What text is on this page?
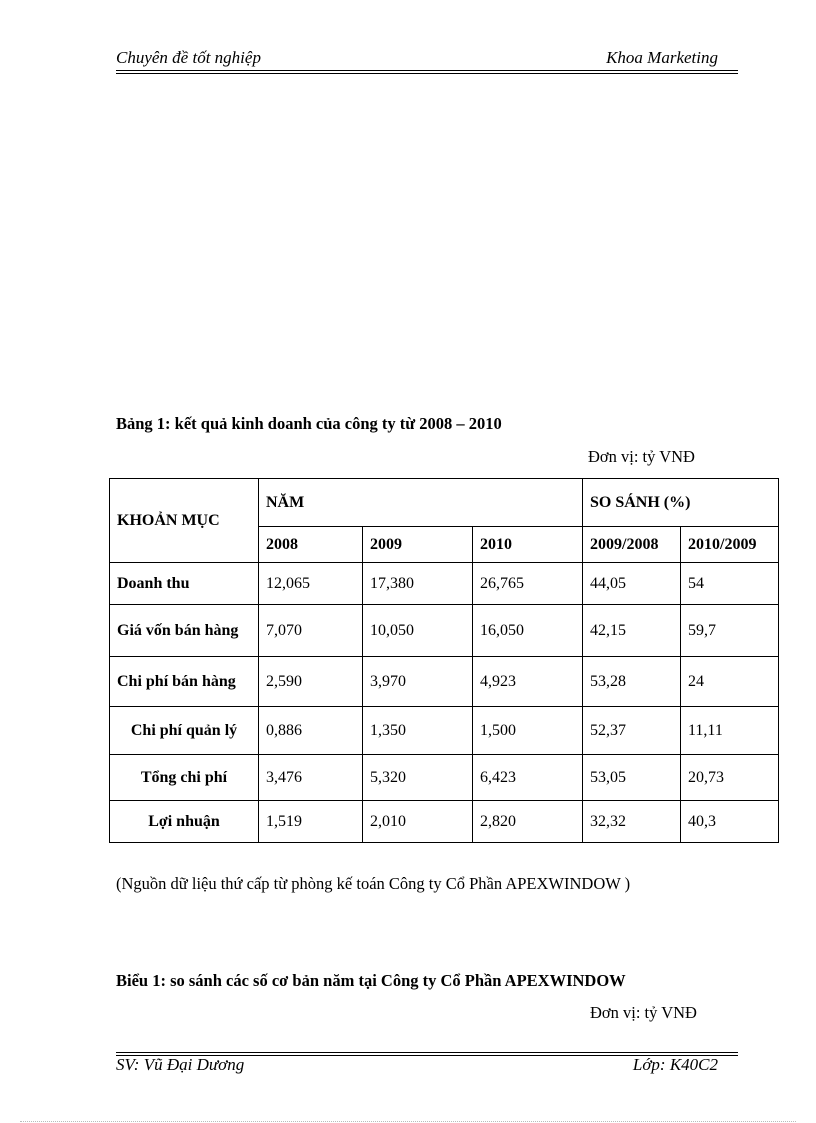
Chuyên đề tốt nghiệp	Khoa Marketing
Bảng 1: kết quả kinh doanh của công ty từ 2008 – 2010
Đơn vị: tỷ VNĐ
KHOẢN MỤC	NĂM			SO SÁNH (%)	
	2008	2009	2010	2009/2008	2010/2009
Doanh thu	12,065	17,380	26,765	44,05	54
Giá vốn bán hàng	7,070	10,050	16,050	42,15	59,7
Chi phí bán hàng	2,590	3,970	4,923	53,28	24
Chi phí quản lý	0,886	1,350	1,500	52,37	11,11
Tổng chi phí	3,476	5,320	6,423	53,05	20,73
Lợi nhuận	1,519	2,010	2,820	32,32	40,3
(Nguồn dữ liệu thứ cấp từ phòng kế toán Công ty Cổ Phần APEXWINDOW )
Biểu 1: so sánh các số cơ bản năm tại Công ty Cổ Phần APEXWINDOW
Đơn vị: tỷ VNĐ
SV: Vũ Đại Dương	Lớp: K40C2
